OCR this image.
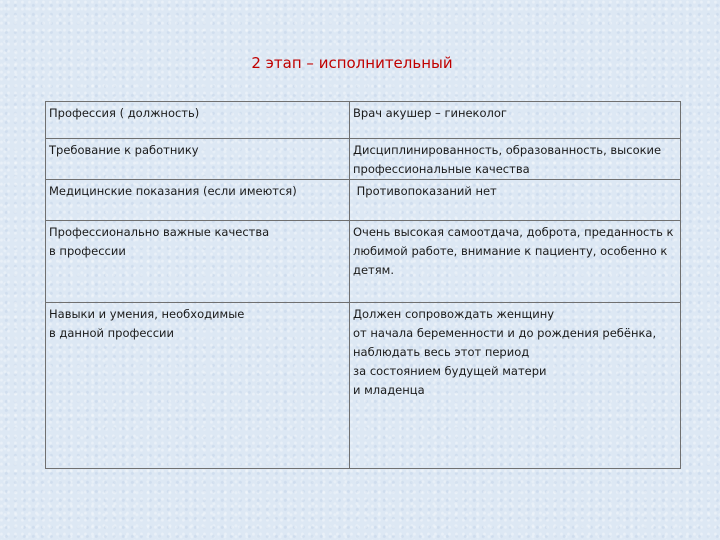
2 этап – исполнительный
Профессия ( должность)	Врач акушер – гинеколог

Требование к работнику	Дисциплинированность, образованность, высокие
профессиональные качества

Медицинские показания (если имеются)	Противопоказаний нет

Профессионально важные качества
в профессии	Очень высокая самоотдача, доброта, преданность к
любимой работе, внимание к пациенту, особенно к
детям.

Навыки и умения, необходимые
в данной профессии	Должен сопровождать женщину
от начала беременности и до рождения ребёнка,
наблюдать весь этот период
за состоянием будущей матери
и младенца
